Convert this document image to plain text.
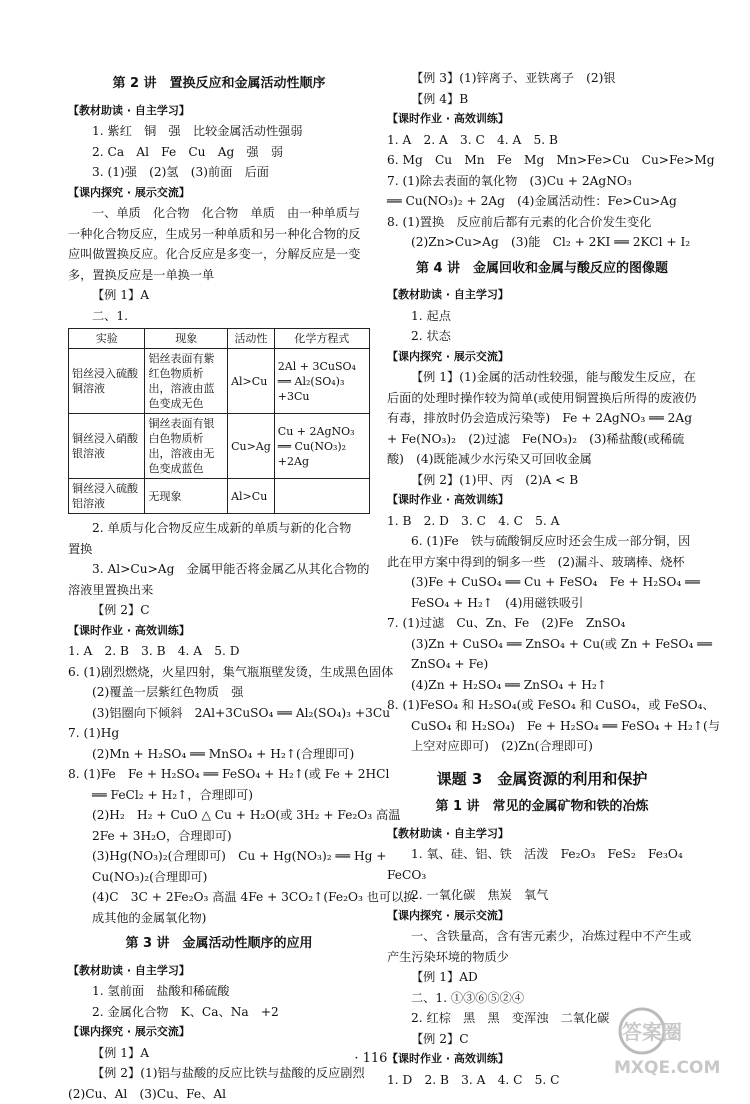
第 2 讲　置换反应和金属活动性顺序
【教材助读 · 自主学习】
1. 紫红　铜　强　比较金属活动性强弱
2. Ca　Al　Fe　Cu　Ag　强　弱
3. (1)强　(2)氢　(3)前面　后面
【课内探究 · 展示交流】
一、单质　化合物　化合物　单质　由一种单质与一种化合物反应，生成另一种单质和另一种化合物的反应叫做置换反应。化合反应是多变一，分解反应是一变多，置换反应是一单换一单
【例 1】A
二、1.
实验	现象	活动性	化学方程式
铝丝浸入硫酸铜溶液	铝丝表面有紫红色物质析出，溶液由蓝色变成无色	Al>Cu	2Al + 3CuSO₄ ══ Al₂(SO₄)₃ +3Cu
铜丝浸入硝酸银溶液	铜丝表面有银白色物质析出，溶液由无色变成蓝色	Cu>Ag	Cu + 2AgNO₃ ══ Cu(NO₃)₂ +2Ag
铜丝浸入硫酸铝溶液	无现象	Al>Cu	
2. 单质与化合物反应生成新的单质与新的化合物　置换
3. Al>Cu>Ag　金属甲能否将金属乙从其化合物的溶液里置换出来
【例 2】C
【课时作业 · 高效训练】
1. A　2. B　3. B　4. A　5. D
6. (1)剧烈燃烧，火星四射，集气瓶瓶壁发烫，生成黑色固体
(2)覆盖一层紫红色物质　强
(3)铝圈向下倾斜　2Al+3CuSO₄ ══ Al₂(SO₄)₃ +3Cu
7. (1)Hg
(2)Mn + H₂SO₄ ══ MnSO₄ + H₂↑(合理即可)
8. (1)Fe　Fe + H₂SO₄ ══ FeSO₄ + H₂↑(或 Fe + 2HCl
══ FeCl₂ + H₂↑，合理即可)
(2)H₂　H₂ + CuO △ Cu + H₂O(或 3H₂ + Fe₂O₃ 高温
2Fe + 3H₂O，合理即可)
(3)Hg(NO₃)₂(合理即可)　Cu + Hg(NO₃)₂ ══ Hg +
Cu(NO₃)₂(合理即可)
(4)C　3C + 2Fe₂O₃ 高温 4Fe + 3CO₂↑(Fe₂O₃ 也可以换
成其他的金属氧化物)
第 3 讲　金属活动性顺序的应用
【教材助读 · 自主学习】
1. 氢前面　盐酸和稀硫酸
2. 金属化合物　K、Ca、Na　+2
【课内探究 · 展示交流】
【例 1】A
【例 2】(1)铝与盐酸的反应比铁与盐酸的反应剧烈
(2)Cu、Al　(3)Cu、Fe、Al
【例 3】(1)锌离子、亚铁离子　(2)银
【例 4】B
【课时作业 · 高效训练】
1. A　2. A　3. C　4. A　5. B
6. Mg　Cu　Mn　Fe　Mg　Mn>Fe>Cu　Cu>Fe>Mg
7. (1)除去表面的氧化物　(3)Cu + 2AgNO₃
══ Cu(NO₃)₂ + 2Ag　(4)金属活动性：Fe>Cu>Ag
8. (1)置换　反应前后都有元素的化合价发生变化
(2)Zn>Cu>Ag　(3)能　Cl₂ + 2KI ══ 2KCl + I₂
第 4 讲　金属回收和金属与酸反应的图像题
【教材助读 · 自主学习】
1. 起点
2. 状态
【课内探究 · 展示交流】
【例 1】(1)金属的活动性较强，能与酸发生反应，在后面的处理时操作较为简单(或使用铜置换后所得的废液仍有毒，排放时仍会造成污染等)　Fe + 2AgNO₃ ══ 2Ag + Fe(NO₃)₂　(2)过滤　Fe(NO₃)₂　(3)稀盐酸(或稀硫酸)　(4)既能减少水污染又可回收金属
【例 2】(1)甲、丙　(2)A < B
【课时作业 · 高效训练】
1. B　2. D　3. C　4. C　5. A
6. (1)Fe　铁与硫酸铜反应时还会生成一部分铜，因此在甲方案中得到的铜多一些　(2)漏斗、玻璃棒、烧杯
(3)Fe + CuSO₄ ══ Cu + FeSO₄　Fe + H₂SO₄ ══
FeSO₄ + H₂↑　(4)用磁铁吸引
7. (1)过滤　Cu、Zn、Fe　(2)Fe　ZnSO₄
(3)Zn + CuSO₄ ══ ZnSO₄ + Cu(或 Zn + FeSO₄ ══
ZnSO₄ + Fe)
(4)Zn + H₂SO₄ ══ ZnSO₄ + H₂↑
8. (1)FeSO₄ 和 H₂SO₄(或 FeSO₄ 和 CuSO₄，或 FeSO₄、
CuSO₄ 和 H₂SO₄)　Fe + H₂SO₄ ══ FeSO₄ + H₂↑(与
上空对应即可)　(2)Zn(合理即可)
课题 3　金属资源的利用和保护
第 1 讲　常见的金属矿物和铁的冶炼
【教材助读 · 自主学习】
1. 氧、硅、铝、铁　活泼　Fe₂O₃　FeS₂　Fe₃O₄
FeCO₃
2. 一氧化碳　焦炭　氧气
【课内探究 · 展示交流】
一、含铁量高，含有害元素少，冶炼过程中不产生或产生污染环境的物质少
【例 1】AD
二、1. ①③⑥⑤②④
2. 红棕　黑　黑　变浑浊　二氧化碳
【例 2】C
【课时作业 · 高效训练】
1. D　2. B　3. A　4. C　5. C
· 116 ·
答案圈
MXQE.COM
